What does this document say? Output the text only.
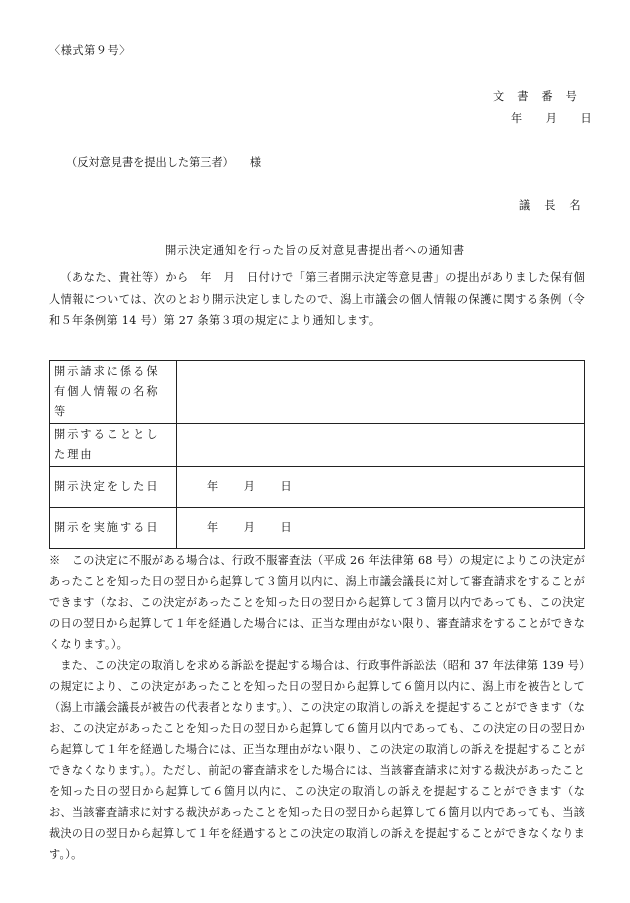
〈様式第９号〉
文書番号
年 月 日
（反対意見書を提出した第三者） 様
議長名
開示決定通知を行った旨の反対意見書提出者への通知書
（あなた、貴社等）から　年　月　日付けで「第三者開示決定等意見書」の提出がありました保有個人情報については、次のとおり開示決定しましたので、潟上市議会の個人情報の保護に関する条例（令和５年条例第 14 号）第 27 条第３項の規定により通知します。
開示請求に係る保有個人情報の名称等	
開示することとした理由	
開示決定をした日	年 月 日
開示を実施する日	年 月 日

※　この決定に不服がある場合は、行政不服審査法（平成 26 年法律第 68 号）の規定によりこの決定があったことを知った日の翌日から起算して３箇月以内に、潟上市議会議長に対して審査請求をすることができます（なお、この決定があったことを知った日の翌日から起算して３箇月以内であっても、この決定の日の翌日から起算して１年を経過した場合には、正当な理由がない限り、審査請求をすることができなくなります。）。

また、この決定の取消しを求める訴訟を提起する場合は、行政事件訴訟法（昭和 37 年法律第 139 号）の規定により、この決定があったことを知った日の翌日から起算して６箇月以内に、潟上市を被告として（潟上市議会議長が被告の代表者となります。）、この決定の取消しの訴えを提起することができます（なお、この決定があったことを知った日の翌日から起算して６箇月以内であっても、この決定の日の翌日から起算して１年を経過した場合には、正当な理由がない限り、この決定の取消しの訴えを提起することができなくなります。）。ただし、前記の審査請求をした場合には、当該審査請求に対する裁決があったことを知った日の翌日から起算して６箇月以内に、この決定の取消しの訴えを提起することができます（なお、当該審査請求に対する裁決があったことを知った日の翌日から起算して６箇月以内であっても、当該裁決の日の翌日から起算して１年を経過するとこの決定の取消しの訴えを提起することができなくなります。）。
